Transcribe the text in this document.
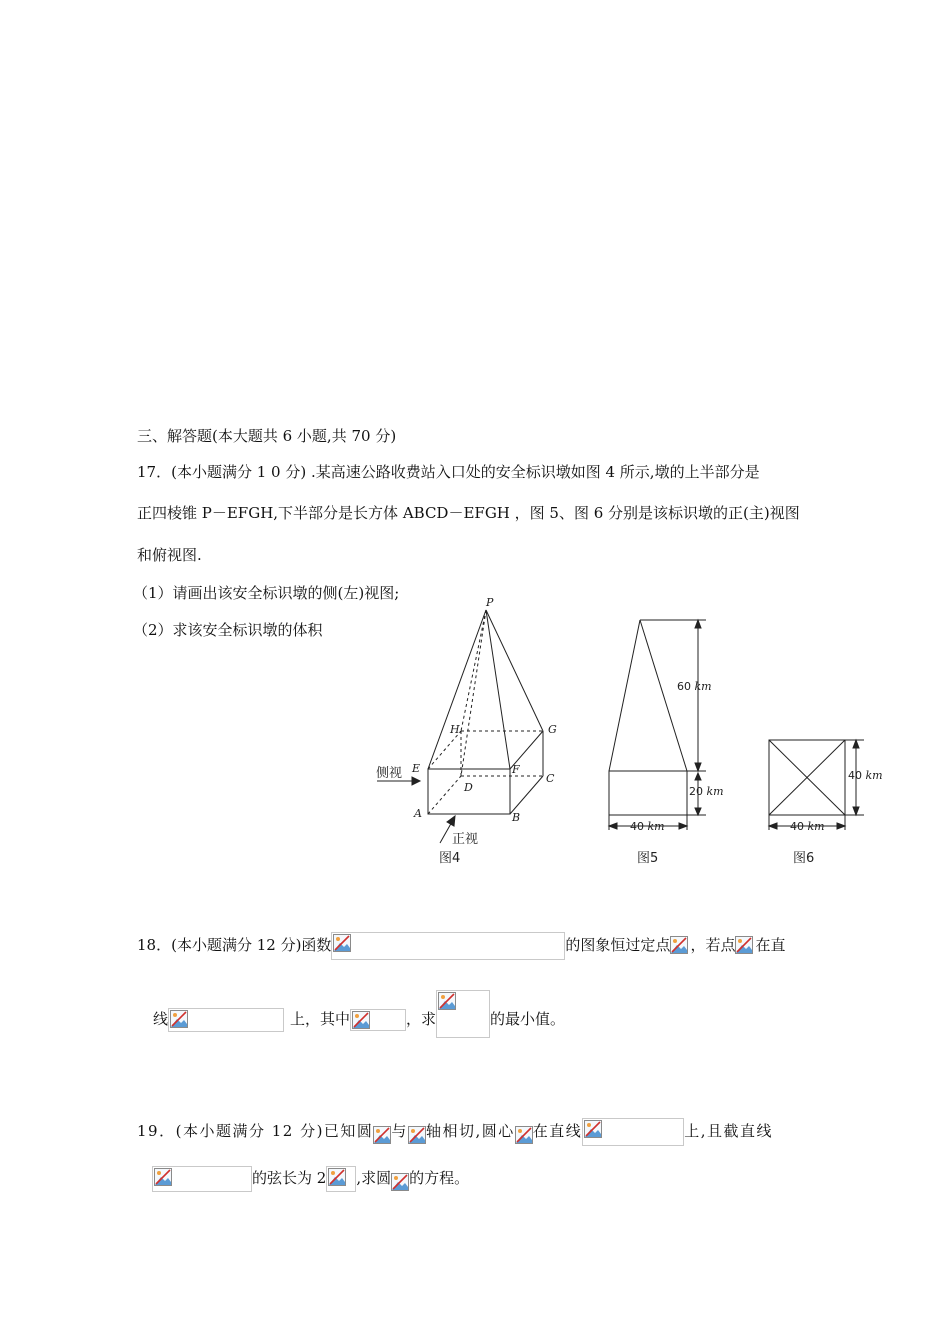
三、解答题(本大题共 6 小题,共 70 分)
17．(本小题满分 1 0 分) .某高速公路收费站入口处的安全标识墩如图 4 所示,墩的上半部分是
正四棱锥 P－EFGH,下半部分是长方体 ABCD－EFGH ，图 5、图 6 分别是该标识墩的正(主)视图
和俯视图.
（1）请画出该安全标识墩的侧(左)视图;
（2）求该安全标识墩的体积
P
H	G
E	F
C
D
A	B
侧视
正视
图4
60 km
20 km
40 km
图5
40 km
40 km
图6
18．(本小题满分 12 分)函数	的图象恒过定点 ，若点 在直
线	上，其中	，求	的最小值。
19．(本小题满分 12 分)已知圆 与 轴相切,圆心 在直线	上,且截直线
的弦长为 2 ,求圆 的方程。
